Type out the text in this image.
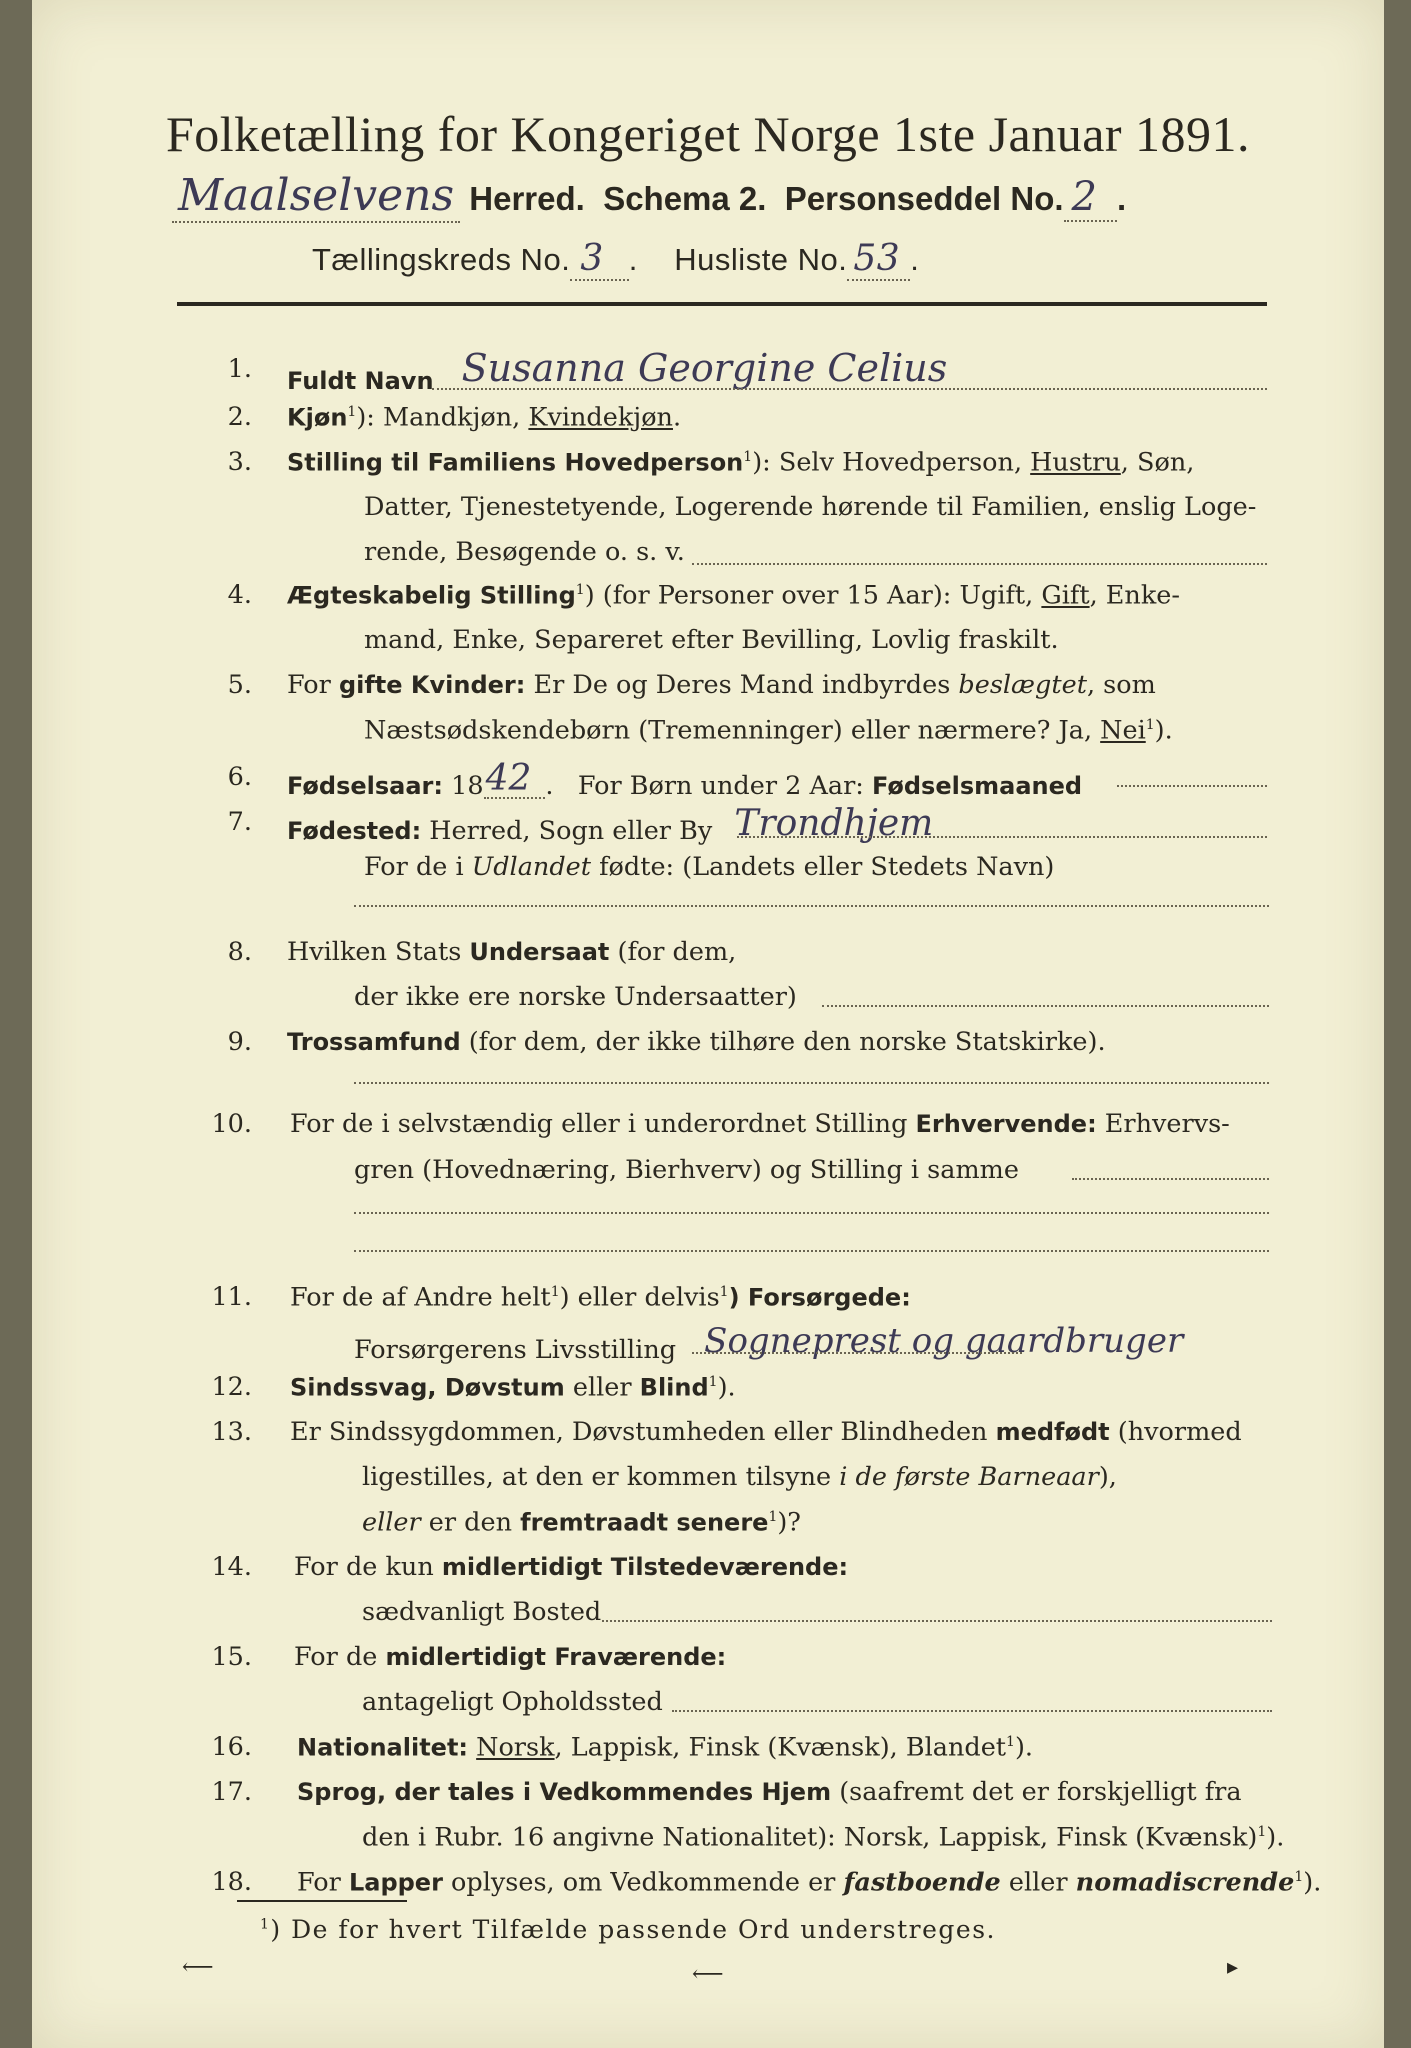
Folketælling for Kongeriget Norge 1ste Januar 1891.
Maalselvens Herred. Schema 2. Personseddel No. 2 .
Tællingskreds No. 3 . Husliste No. 53 .
1. Fuldt Navn Susanna Georgine Celius
2. Kjøn$^1$): Mandkjøn, Kvindekjøn.
3. Stilling til Familiens Hovedperson$^1$): Selv Hovedperson, Hustru, Søn,
Datter, Tjenestetyende, Logerende hørende til Familien, enslig Loge-
rende, Besøgende o. s. v.
4. Ægteskabelig Stilling$^1$) (for Personer over 15 Aar): Ugift, Gift, Enke-
mand, Enke, Separeret efter Bevilling, Lovlig fraskilt.
5. For gifte Kvinder: Er De og Deres Mand indbyrdes beslægtet, som
Næstsødskendebørn (Tremenninger) eller nærmere? Ja, Nei$^1$).
6. Fødselsaar: 1842 . For Børn under 2 Aar: Fødselsmaaned
7. Fødested: Herred, Sogn eller By Trondhjem
For de i Udlandet fødte: (Landets eller Stedets Navn)
8. Hvilken Stats Undersaat (for dem,
der ikke ere norske Undersaatter)
9. Trossamfund (for dem, der ikke tilhøre den norske Statskirke).
10. For de i selvstændig eller i underordnet Stilling Erhvervende: Erhvervs-
gren (Hovednæring, Bierhverv) og Stilling i samme
11. For de af Andre helt$^1$) eller delvis$^1$) Forsørgede:
Forsørgerens Livsstilling Sogneprest og gaardbruger
12. Sindssvag, Døvstum eller Blind$^1$).
13. Er Sindssygdommen, Døvstumheden eller Blindheden medfødt (hvormed
ligestilles, at den er kommen tilsyne i de første Barneaar),
eller er den fremtraadt senere$^1$)?
14. For de kun midlertidigt Tilstedeværende:
sædvanligt Bosted
15. For de midlertidigt Fraværende:
antageligt Opholdssted
16. Nationalitet: Norsk, Lappisk, Finsk (Kvænsk), Blandet$^1$).
17. Sprog, der tales i Vedkommendes Hjem (saafremt det er forskjelligt fra
den i Rubr. 16 angivne Nationalitet): Norsk, Lappisk, Finsk (Kvænsk)$^1$).
18. For Lapper oplyses, om Vedkommende er fastboende eller nomadiscrende$^1$).
$^1$) De for hvert Tilfælde passende Ord understreges.
⟵	⟵	▸
